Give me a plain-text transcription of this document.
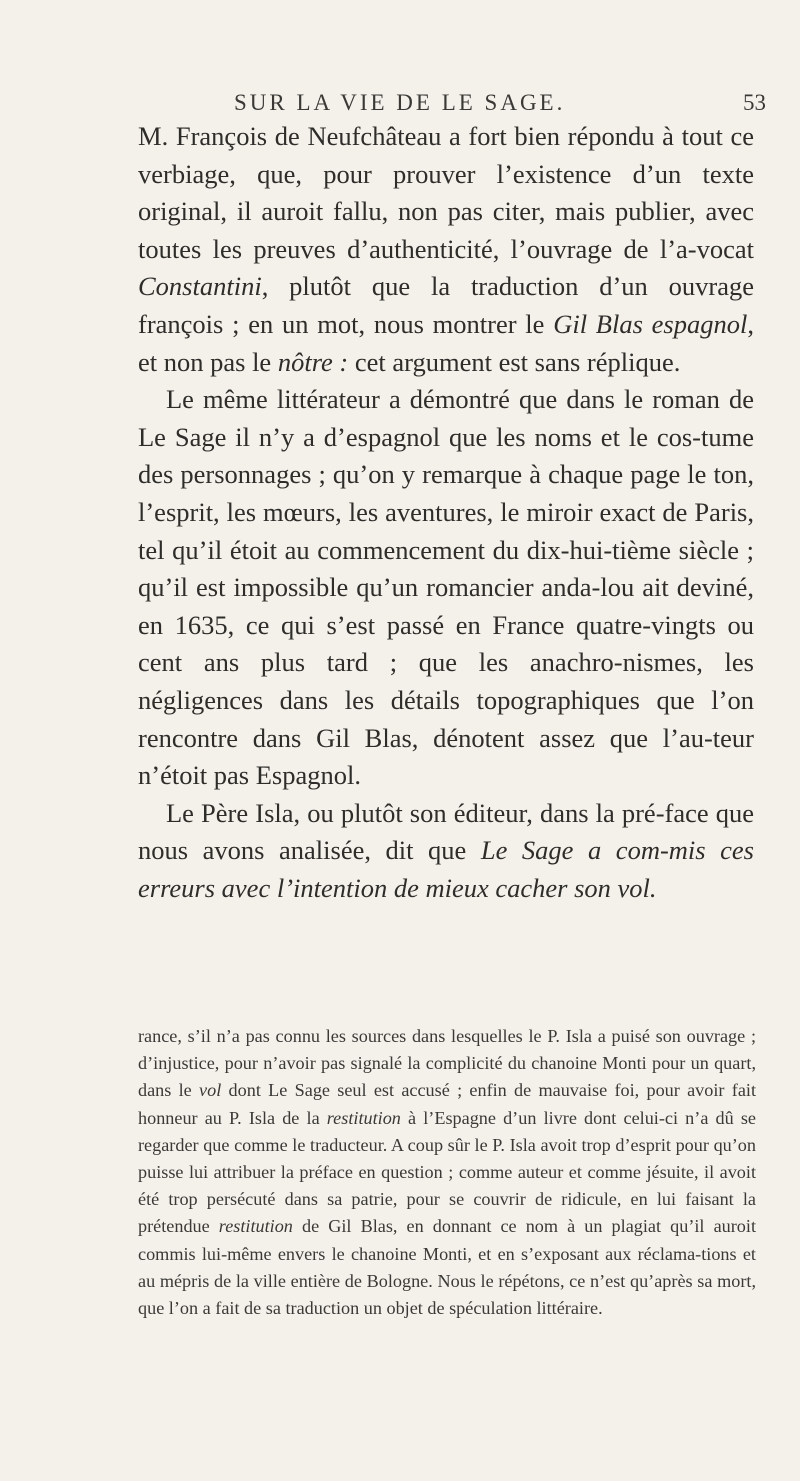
SUR LA VIE DE LE SAGE.	53

M. François de Neufchâteau a fort bien répondu à tout ce verbiage, que, pour prouver l’existence d’un texte original, il auroit fallu, non pas citer, mais publier, avec toutes les preuves d’authenticité, l’ouvrage de l’a-vocat Constantini, plutôt que la traduction d’un ouvrage françois ; en un mot, nous montrer le Gil Blas espagnol, et non pas le nôtre : cet argument est sans réplique.

Le même littérateur a démontré que dans le roman de Le Sage il n’y a d’espagnol que les noms et le cos-tume des personnages ; qu’on y remarque à chaque page le ton, l’esprit, les mœurs, les aventures, le miroir exact de Paris, tel qu’il étoit au commencement du dix-hui-tième siècle ; qu’il est impossible qu’un romancier anda-lou ait deviné, en 1635, ce qui s’est passé en France quatre-vingts ou cent ans plus tard ; que les anachro-nismes, les négligences dans les détails topographiques que l’on rencontre dans Gil Blas, dénotent assez que l’au-teur n’étoit pas Espagnol.

Le Père Isla, ou plutôt son éditeur, dans la pré-face que nous avons analisée, dit que Le Sage a com-mis ces erreurs avec l’intention de mieux cacher son vol.

rance, s’il n’a pas connu les sources dans lesquelles le P. Isla a puisé son ouvrage ; d’injustice, pour n’avoir pas signalé la complicité du chanoine Monti pour un quart, dans le vol dont Le Sage seul est accusé ; enfin de mauvaise foi, pour avoir fait honneur au P. Isla de la restitution à l’Espagne d’un livre dont celui-ci n’a dû se regarder que comme le traducteur. A coup sûr le P. Isla avoit trop d’esprit pour qu’on puisse lui attribuer la préface en question ; comme auteur et comme jésuite, il avoit été trop persécuté dans sa patrie, pour se couvrir de ridicule, en lui faisant la prétendue restitution de Gil Blas, en donnant ce nom à un plagiat qu’il auroit commis lui-même envers le chanoine Monti, et en s’exposant aux réclama-tions et au mépris de la ville entière de Bologne. Nous le répétons, ce n’est qu’après sa mort, que l’on a fait de sa traduction un objet de spéculation littéraire.
